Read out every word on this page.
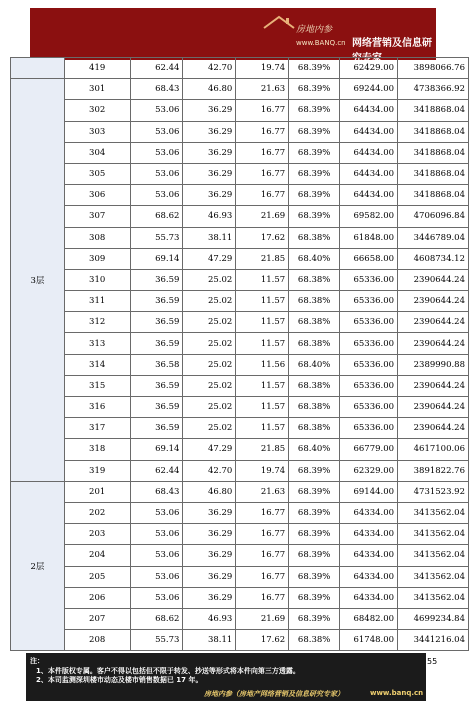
房地内参
www.BANQ.cn 网络营销及信息研究专家
	419	62.44	42.70	19.74	68.39%	62429.00	3898066.76
3层	301	68.43	46.80	21.63	68.39%	69244.00	4738366.92
	302	53.06	36.29	16.77	68.39%	64434.00	3418868.04
	303	53.06	36.29	16.77	68.39%	64434.00	3418868.04
	304	53.06	36.29	16.77	68.39%	64434.00	3418868.04
	305	53.06	36.29	16.77	68.39%	64434.00	3418868.04
	306	53.06	36.29	16.77	68.39%	64434.00	3418868.04
	307	68.62	46.93	21.69	68.39%	69582.00	4706096.84
	308	55.73	38.11	17.62	68.38%	61848.00	3446789.04
	309	69.14	47.29	21.85	68.40%	66658.00	4608734.12
	310	36.59	25.02	11.57	68.38%	65336.00	2390644.24
	311	36.59	25.02	11.57	68.38%	65336.00	2390644.24
	312	36.59	25.02	11.57	68.38%	65336.00	2390644.24
	313	36.59	25.02	11.57	68.38%	65336.00	2390644.24
	314	36.58	25.02	11.56	68.40%	65336.00	2389990.88
	315	36.59	25.02	11.57	68.38%	65336.00	2390644.24
	316	36.59	25.02	11.57	68.38%	65336.00	2390644.24
	317	36.59	25.02	11.57	68.38%	65336.00	2390644.24
	318	69.14	47.29	21.85	68.40%	66779.00	4617100.06
	319	62.44	42.70	19.74	68.39%	62329.00	3891822.76
2层	201	68.43	46.80	21.63	68.39%	69144.00	4731523.92
	202	53.06	36.29	16.77	68.39%	64334.00	3413562.04
	203	53.06	36.29	16.77	68.39%	64334.00	3413562.04
	204	53.06	36.29	16.77	68.39%	64334.00	3413562.04
	205	53.06	36.29	16.77	68.39%	64334.00	3413562.04
	206	53.06	36.29	16.77	68.39%	64334.00	3413562.04
	207	68.62	46.93	21.69	68.39%	68482.00	4699234.84
	208	55.73	38.11	17.62	68.38%	61748.00	3441216.04
55
注：
1、本件版权专属。客户不得以包括但不限于转发、抄送等形式将本件向第三方透露。
2、本司监测深圳楼市动态及楼市销售数据已 17 年。
房地内参（房地产网络营销及信息研究专家）	www.banq.cn
